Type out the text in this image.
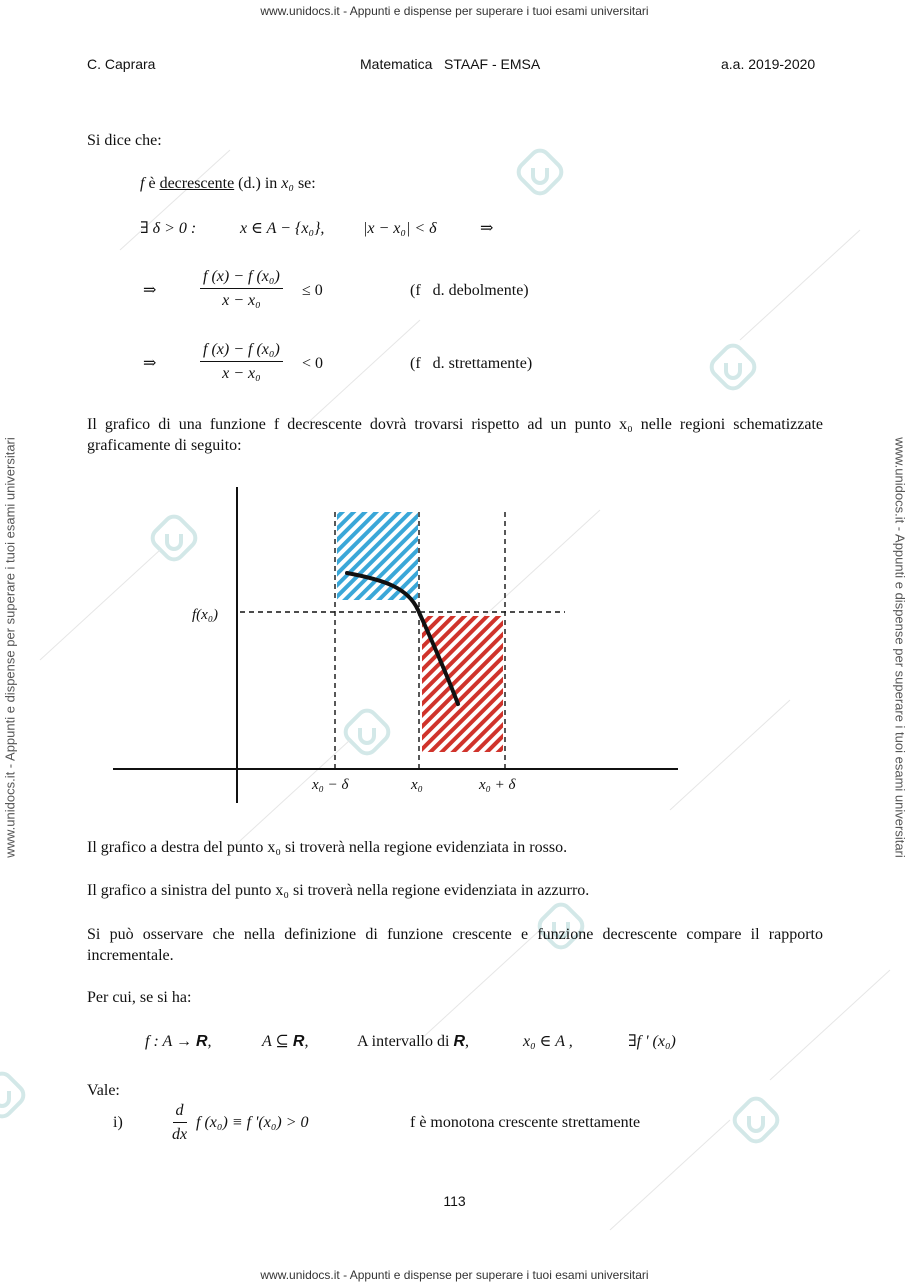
www.unidocs.it - Appunti e dispense per superare i tuoi esami universitari
www.unidocs.it - Appunti e dispense per superare i tuoi esami universitari
www.unidocs.it - Appunti e dispense per superare i tuoi esami universitari	www.unidocs.it - Appunti e dispense per superare i tuoi esami universitari
C. Caprara	Matematica   STAAF - EMSA	a.a. 2019-2020
Si dice che:
f è decrescente (d.) in x₀ se:
∃ δ > 0 :	x ∈ A − {x₀}, |x − x₀| < δ	⇒
⇒	$\frac{\text{f (x) − f (x₀)}}{\text{x − x₀}} \le 0$	(f   d. debolmente)
⇒	$\frac{\text{f (x) − f (x₀)}}{\text{x − x₀}} < 0$	(f   d. strettamente)
Il grafico di una funzione f decrescente dovrà trovarsi rispetto ad un punto x₀ nelle regioni schematizzate graficamente di seguito:
f(x₀)
x₀ − δ	x₀	x₀ + δ
Il grafico a destra del punto x₀ si troverà nella regione evidenziata in rosso.
Il grafico a sinistra del punto x₀ si troverà nella regione evidenziata in azzurro.
Si può osservare che nella definizione di funzione crescente e funzione decrescente compare il rapporto incrementale.
Per cui, se si ha:
f : A → R,	A ⊆ R,	A intervallo di R,	x₀ ∈ A ,	∃f ' (x₀)
Vale:
i)	$\frac{d}{dx}$ f (x₀) ≡ f '(x₀) > 0	f è monotona crescente strettamente
113
